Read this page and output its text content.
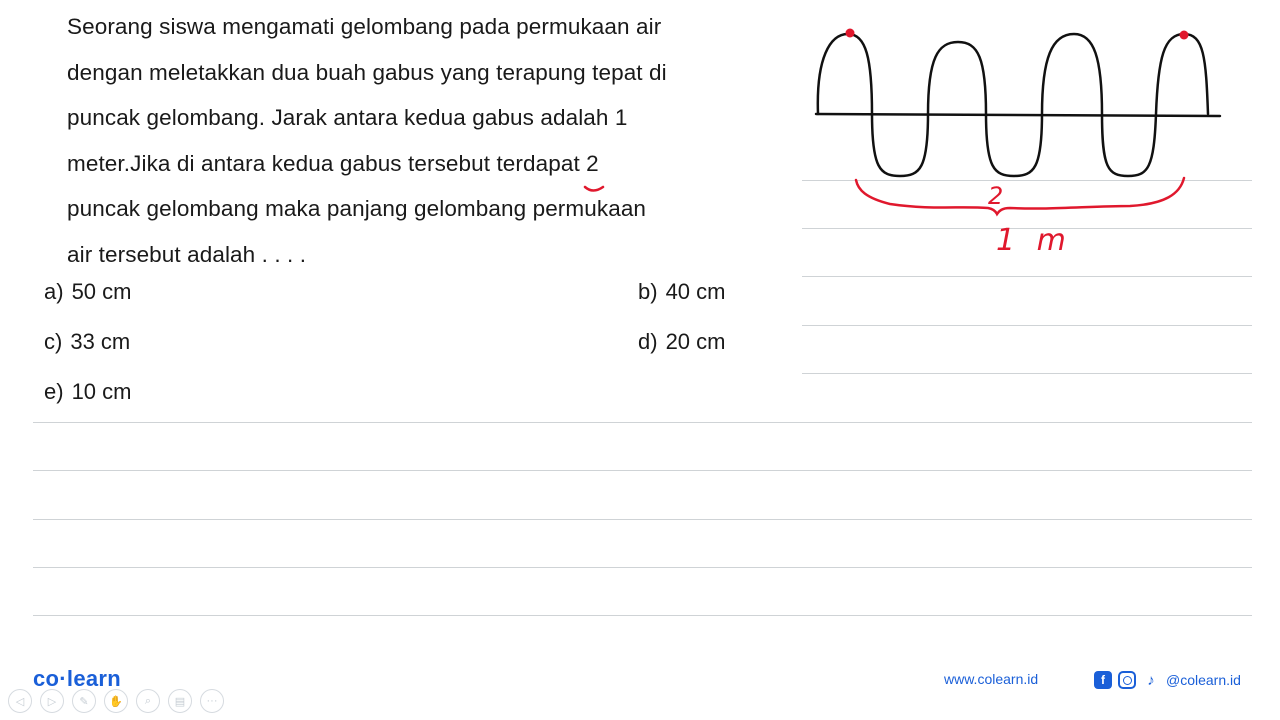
Seorang siswa mengamati gelombang pada permukaan air

dengan meletakkan dua buah gabus yang terapung tepat di

puncak gelombang. Jarak antara kedua gabus adalah 1

meter.Jika di antara kedua gabus tersebut terdapat 2

puncak gelombang maka panjang gelombang permukaan

air tersebut adalah . . . .

a) 50 cm	b) 40 cm
c) 33 cm	d) 20 cm
e) 10 cm
2
1 m
co·learn
◁	▷	✎	✋	⌕	▤	···
www.colearn.id	f	♪ @colearn.id
